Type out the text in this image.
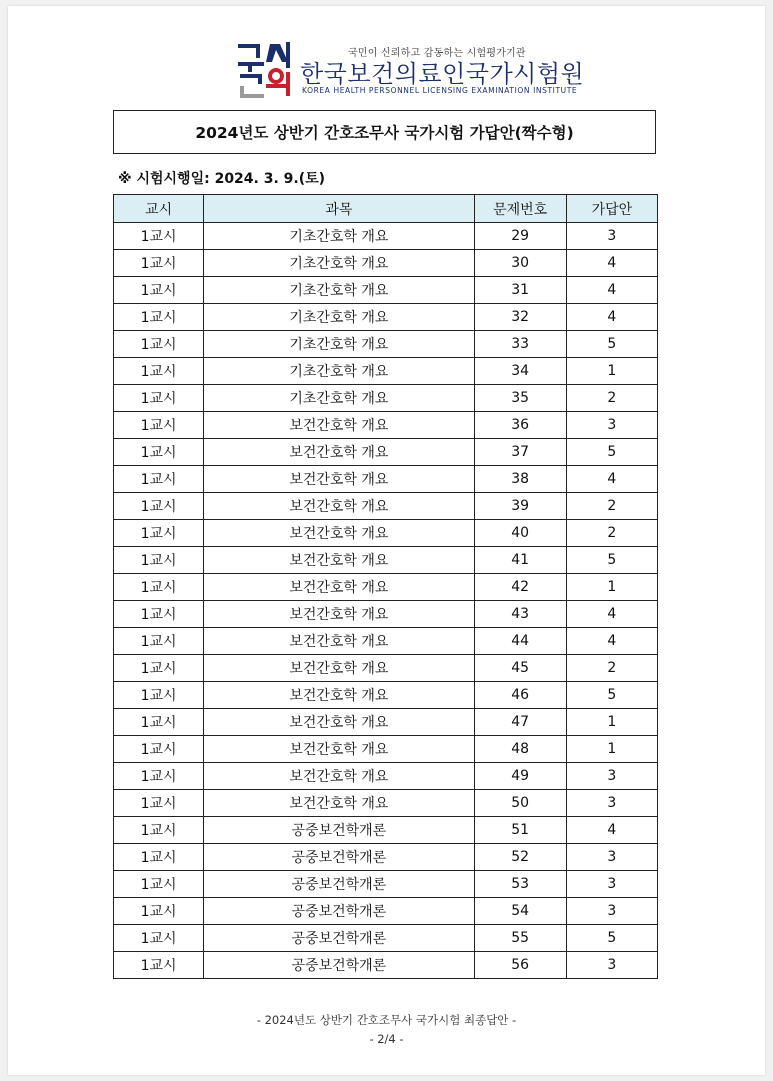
국민이 신뢰하고 감동하는 시험평가기관
한국보건의료인국가시험원
KOREA HEALTH PERSONNEL LICENSING EXAMINATION INSTITUTE
2024년도 상반기 간호조무사 국가시험 가답안(짝수형)
※ 시험시행일: 2024. 3. 9.(토)
교시	과목	문제번호	가답안
1교시	기초간호학 개요	29	3
1교시	기초간호학 개요	30	4
1교시	기초간호학 개요	31	4
1교시	기초간호학 개요	32	4
1교시	기초간호학 개요	33	5
1교시	기초간호학 개요	34	1
1교시	기초간호학 개요	35	2
1교시	보건간호학 개요	36	3
1교시	보건간호학 개요	37	5
1교시	보건간호학 개요	38	4
1교시	보건간호학 개요	39	2
1교시	보건간호학 개요	40	2
1교시	보건간호학 개요	41	5
1교시	보건간호학 개요	42	1
1교시	보건간호학 개요	43	4
1교시	보건간호학 개요	44	4
1교시	보건간호학 개요	45	2
1교시	보건간호학 개요	46	5
1교시	보건간호학 개요	47	1
1교시	보건간호학 개요	48	1
1교시	보건간호학 개요	49	3
1교시	보건간호학 개요	50	3
1교시	공중보건학개론	51	4
1교시	공중보건학개론	52	3
1교시	공중보건학개론	53	3
1교시	공중보건학개론	54	3
1교시	공중보건학개론	55	5
1교시	공중보건학개론	56	3
- 2024년도 상반기 간호조무사 국가시험 최종답안 -
- 2/4 -
